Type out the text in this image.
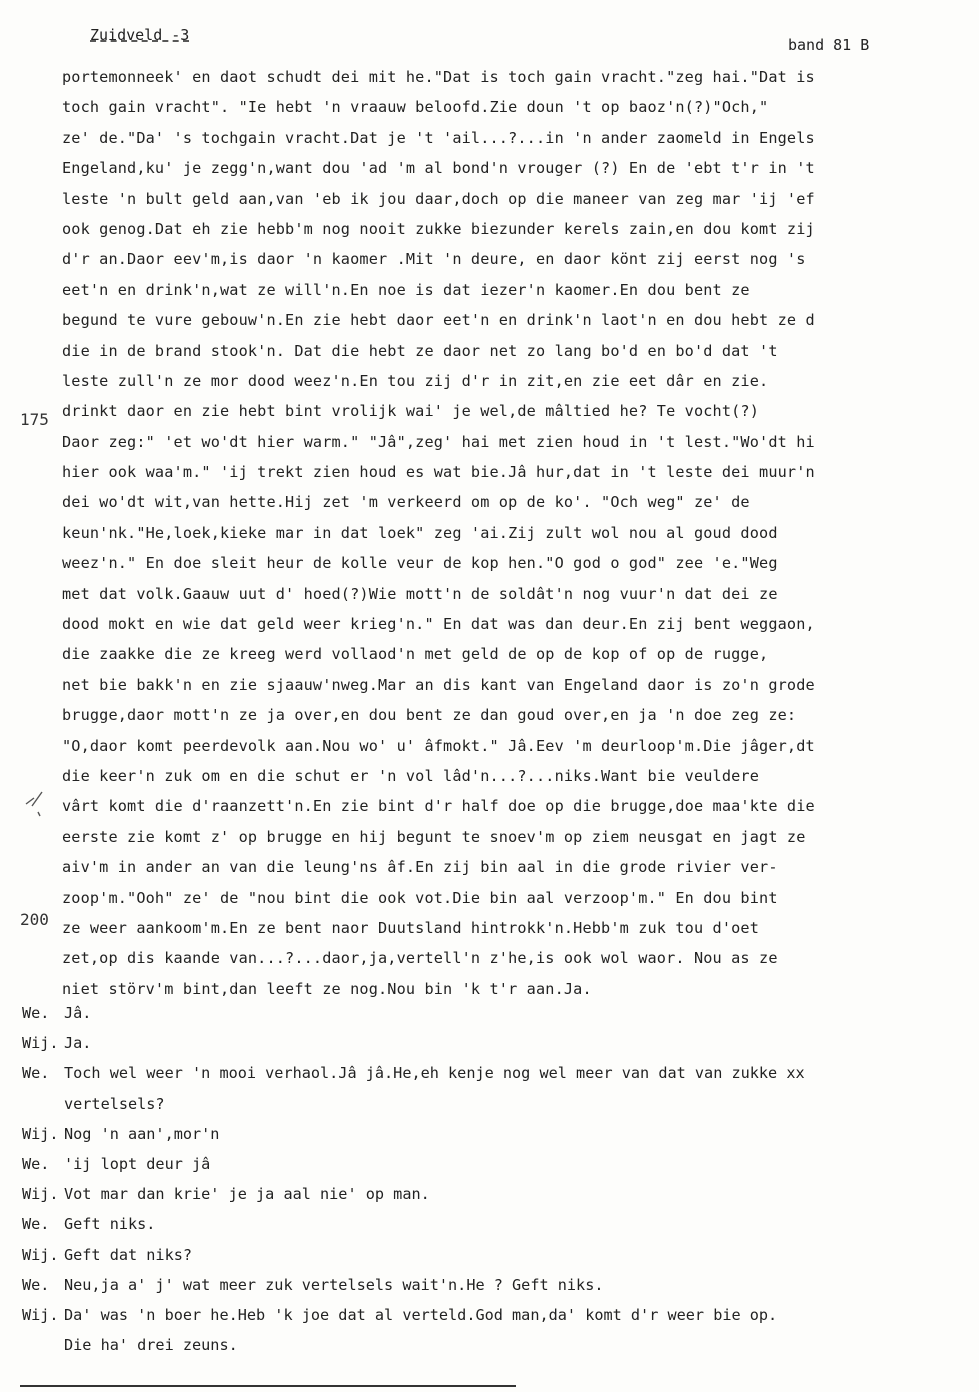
Zuidveld -3
band 81 B
175
200
portemonneek' en daot schudt dei mit he."Dat is toch gain vracht."zeg hai."Dat is
toch gain vracht". "Ie hebt 'n vraauw beloofd.Zie doun 't op baoz'n(?)"Och,"
ze' de."Da' 's tochgain vracht.Dat je 't 'ail...?...in 'n ander zaomeld in Engels
Engeland,ku' je zegg'n,want dou 'ad 'm al bond'n vrouger (?) En de 'ebt t'r in 't
leste 'n bult geld aan,van 'eb ik jou daar,doch op die maneer van zeg mar 'ij 'ef
ook genog.Dat eh zie hebb'm nog nooit zukke biezunder kerels zain,en dou komt zij
d'r an.Daor eev'm,is daor 'n kaomer .Mit 'n deure, en daor könt zij eerst nog 's
eet'n en drink'n,wat ze will'n.En noe is dat iezer'n kaomer.En dou bent ze
begund te vure gebouw'n.En zie hebt daor eet'n en drink'n laot'n en dou hebt ze d
die in de brand stook'n. Dat die hebt ze daor net zo lang bo'd en bo'd dat 't
leste zull'n ze mor dood weez'n.En tou zij d'r in zit,en zie eet dâr en zie.
drinkt daor en zie hebt bint vrolijk wai' je wel,de mâltied he? Te vocht(?)
Daor zeg:" 'et wo'dt hier warm." "Jâ",zeg' hai met zien houd in 't lest."Wo'dt hi
hier ook waa'm." 'ij trekt zien houd es wat bie.Jâ hur,dat in 't leste dei muur'n
dei wo'dt wit,van hette.Hij zet 'm verkeerd om op de ko'. "Och weg" ze' de
keun'nk."He,loek,kieke mar in dat loek" zeg 'ai.Zij zult wol nou al goud dood
weez'n." En doe sleit heur de kolle veur de kop hen."O god o god" zee 'e."Weg
met dat volk.Gaauw uut d' hoed(?)Wie mott'n de soldât'n nog vuur'n dat dei ze
dood mokt en wie dat geld weer krieg'n." En dat was dan deur.En zij bent weggaon,
die zaakke die ze kreeg werd vollaod'n met geld de op de kop of op de rugge,
net bie bakk'n en zie sjaauw'nweg.Mar an dis kant van Engeland daor is zo'n grode
brugge,daor mott'n ze ja over,en dou bent ze dan goud over,en ja 'n doe zeg ze:
"O,daor komt peerdevolk aan.Nou wo' u' âfmokt." Jâ.Eev 'm deurloop'm.Die jâger,dt
die keer'n zuk om en die schut er 'n vol lâd'n...?...niks.Want bie veuldere
vârt komt die d'raanzett'n.En zie bint d'r half doe op die brugge,doe maa'kte die
eerste zie komt z' op brugge en hij begunt te snoev'm op ziem neusgat en jagt ze
aiv'm in ander an van die leung'ns âf.En zij bin aal in die grode rivier ver-
zoop'm."Ooh" ze' de "nou bint die ook vot.Die bin aal verzoop'm." En dou bint
ze weer aankoom'm.En ze bent naor Duutsland hintrokk'n.Hebb'm zuk tou d'oet
zet,op dis kaande van...?...daor,ja,vertell'n z'he,is ook wol waor. Nou as ze
niet störv'm bint,dan leeft ze nog.Nou bin 'k t'r aan.Ja.
We. Jâ.
Wij. Ja.
We. Toch wel weer 'n mooi verhaol.Jâ jâ.He,eh kenje nog wel meer van dat van zukke xx
vertelsels?
Wij. Nog 'n aan',mor'n
We. 'ij lopt deur jâ
Wij. Vot mar dan krie' je ja aal nie' op man.
We. Geft niks.
Wij. Geft dat niks?
We. Neu,ja a' j' wat meer zuk vertelsels wait'n.He ? Geft niks.
Wij. Da' was 'n boer he.Heb 'k joe dat al verteld.God man,da' komt d'r weer bie op.
Die ha' drei zeuns.
